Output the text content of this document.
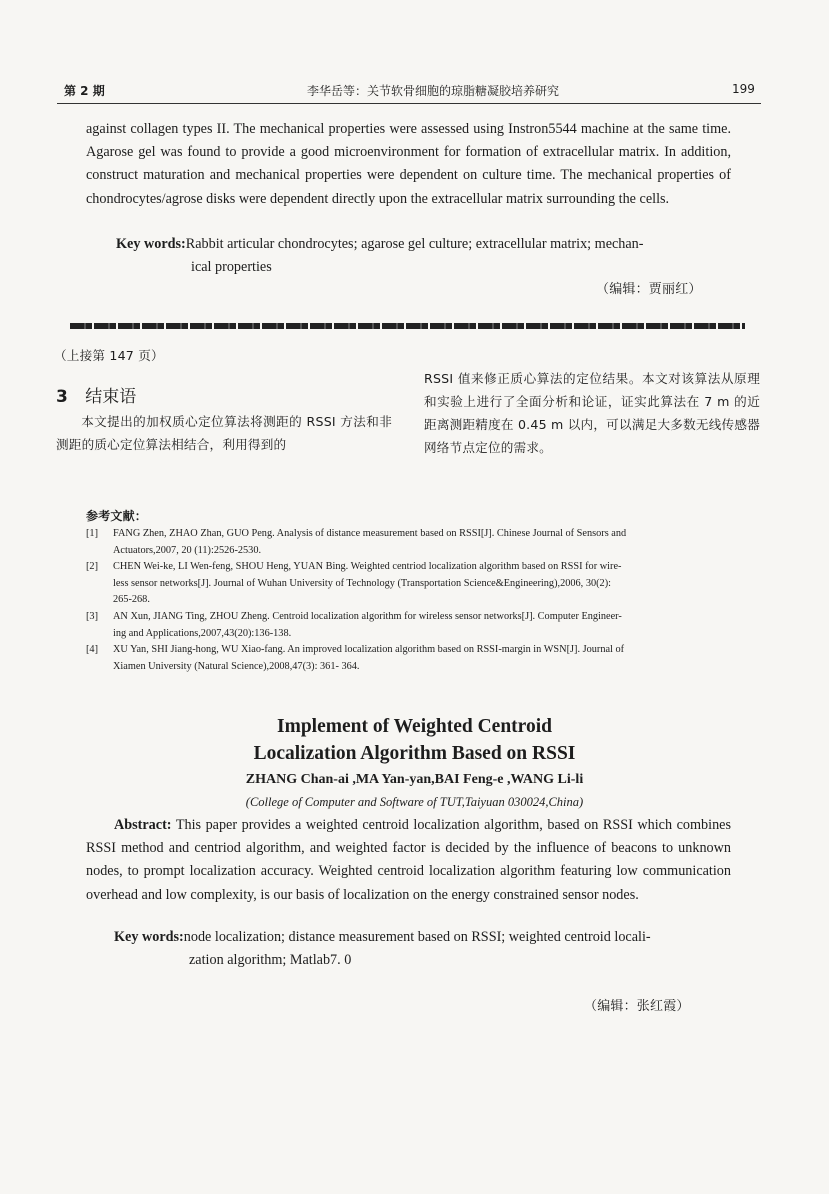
第 2 期	李华岳等：关节软骨细胞的琼脂糖凝胶培养研究	199
against collagen types II. The mechanical properties were assessed using Instron5544 machine at the same time. Agarose gel was found to provide a good microenvironment for formation of extracellular matrix. In addition, construct maturation and mechanical properties were dependent on culture time. The mechanical properties of chondrocytes/agrose disks were dependent directly upon the extracellular matrix surrounding the cells.
Key words:Rabbit articular chondrocytes; agarose gel culture; extracellular matrix; mechan-
ical properties
（编辑：贾丽红）
（上接第 147 页）
3 结束语
本文提出的加权质心定位算法将测距的 RSSI 方法和非测距的质心定位算法相结合，利用得到的
RSSI 值来修正质心算法的定位结果。本文对该算法从原理和实验上进行了全面分析和论证，证实此算法在 7 m 的近距离测距精度在 0.45 m 以内，可以满足大多数无线传感器网络节点定位的需求。
参考文献：
[1] FANG Zhen, ZHAO Zhan, GUO Peng. Analysis of distance measurement based on RSSI[J]. Chinese Journal of Sensors and
Actuators,2007, 20 (11):2526-2530.
[2] CHEN Wei-ke, LI Wen-feng, SHOU Heng, YUAN Bing. Weighted centriod localization algorithm based on RSSI for wire-
less sensor networks[J]. Journal of Wuhan University of Technology (Transportation Science&Engineering),2006, 30(2):
265-268.
[3] AN Xun, JIANG Ting, ZHOU Zheng. Centroid localization algorithm for wireless sensor networks[J]. Computer Engineer-
ing and Applications,2007,43(20):136-138.
[4] XU Yan, SHI Jiang-hong, WU Xiao-fang. An improved localization algorithm based on RSSI-margin in WSN[J]. Journal of
Xiamen University (Natural Science),2008,47(3): 361- 364.
Implement of Weighted Centroid
Localization Algorithm Based on RSSI
ZHANG Chan-ai ,MA Yan-yan,BAI Feng-e ,WANG Li-li
(College of Computer and Software of TUT,Taiyuan 030024,China)
Abstract: This paper provides a weighted centroid localization algorithm, based on RSSI which combines RSSI method and centriod algorithm, and weighted factor is decided by the influence of beacons to unknown nodes, to prompt localization accuracy. Weighted centroid localization algorithm featuring low communication overhead and low complexity, is our basis of localization on the energy constrained sensor nodes.
Key words:node localization; distance measurement based on RSSI; weighted centroid locali-
zation algorithm; Matlab7. 0
（编辑：张红霞）
